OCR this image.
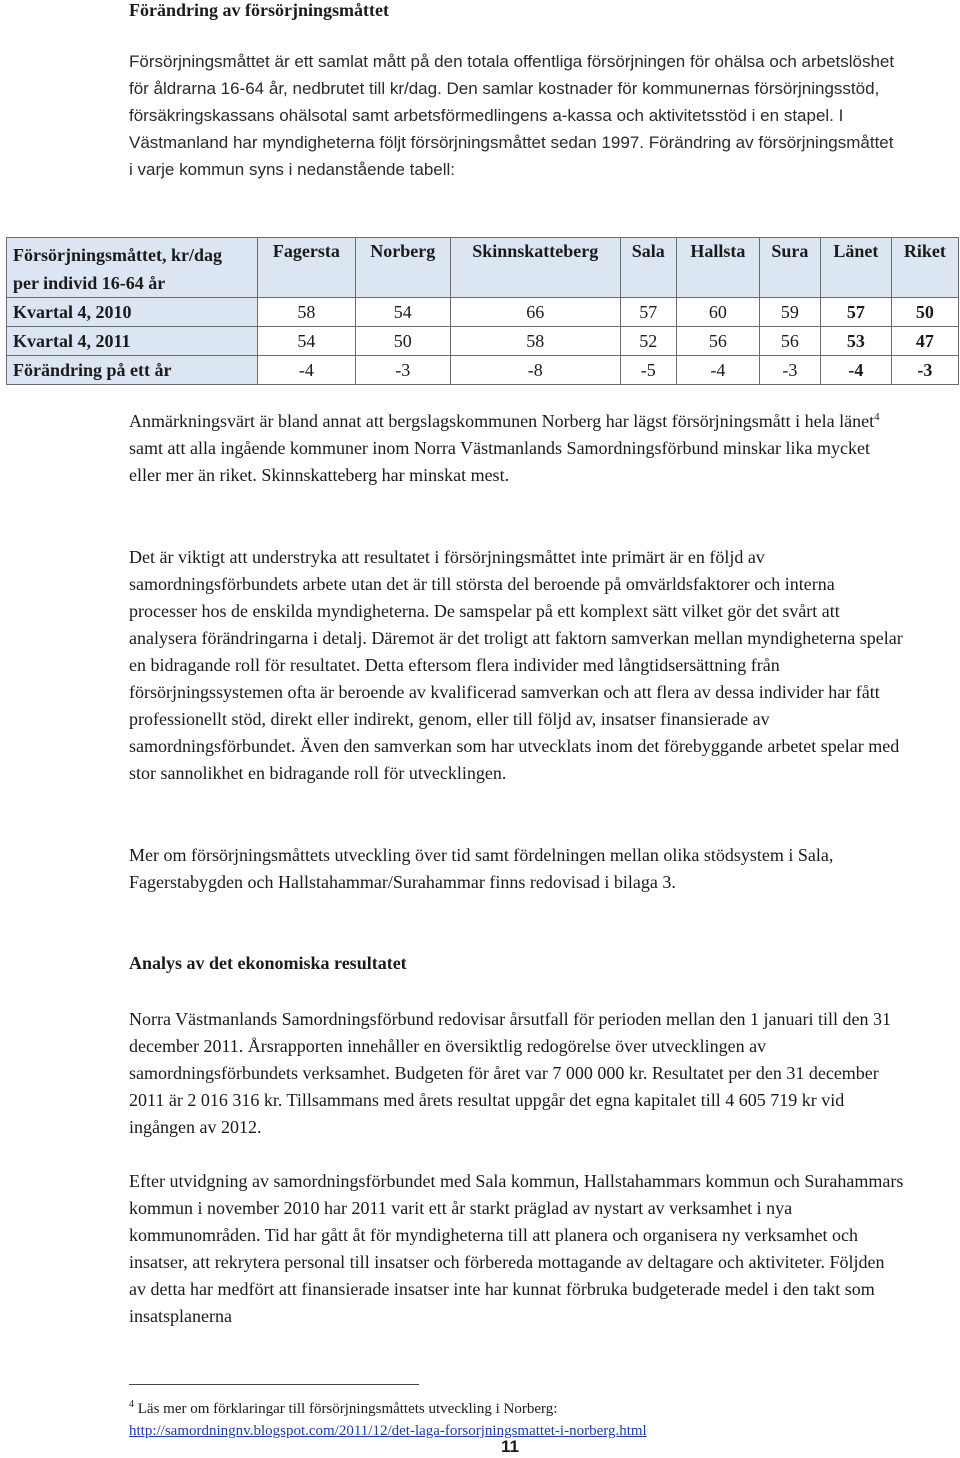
Förändring av försörjningsmåttet

Försörjningsmåttet är ett samlat mått på den totala offentliga försörjningen för ohälsa och arbetslöshet för åldrarna 16-64 år, nedbrutet till kr/dag. Den samlar kostnader för kommunernas försörjningsstöd, försäkringskassans ohälsotal samt arbetsförmedlingens a-kassa och aktivitetsstöd i en stapel. I Västmanland har myndigheterna följt försörjningsmåttet sedan 1997. Förändring av försörjningsmåttet i varje kommun syns i nedanstående tabell:

Försörjningsmåttet, kr/dag per individ 16-64 år	Fagersta	Norberg	Skinnskatteberg	Sala	Hallsta	Sura	Länet	Riket

Kvartal 4, 2010	58	54	66	57	60	59	57	50
Kvartal 4, 2011	54	50	58	52	56	56	53	47
Förändring på ett år	-4	-3	-8	-5	-4	-3	-4	-3

Anmärkningsvärt är bland annat att bergslagskommunen Norberg har lägst försörjningsmått i hela länet$^4$ samt att alla ingående kommuner inom Norra Västmanlands Samordningsförbund minskar lika mycket eller mer än riket. Skinnskatteberg har minskat mest.

Det är viktigt att understryka att resultatet i försörjningsmåttet inte primärt är en följd av samordningsförbundets arbete utan det är till största del beroende på omvärldsfaktorer och interna processer hos de enskilda myndigheterna. De samspelar på ett komplext sätt vilket gör det svårt att analysera förändringarna i detalj. Däremot är det troligt att faktorn samverkan mellan myndigheterna spelar en bidragande roll för resultatet. Detta eftersom flera individer med långtidsersättning från försörjningssystemen ofta är beroende av kvalificerad samverkan och att flera av dessa individer har fått professionellt stöd, direkt eller indirekt, genom, eller till följd av, insatser finansierade av samordningsförbundet. Även den samverkan som har utvecklats inom det förebyggande arbetet spelar med stor sannolikhet en bidragande roll för utvecklingen.

Mer om försörjningsmåttets utveckling över tid samt fördelningen mellan olika stödsystem i Sala, Fagerstabygden och Hallstahammar/Surahammar finns redovisad i bilaga 3.

Analys av det ekonomiska resultatet

Norra Västmanlands Samordningsförbund redovisar årsutfall för perioden mellan den 1 januari till den 31 december 2011. Årsrapporten innehåller en översiktlig redogörelse över utvecklingen av samordningsförbundets verksamhet. Budgeten för året var 7 000 000 kr. Resultatet per den 31 december 2011 är 2 016 316 kr. Tillsammans med årets resultat uppgår det egna kapitalet till 4 605 719 kr vid ingången av 2012.

Efter utvidgning av samordningsförbundet med Sala kommun, Hallstahammars kommun och Surahammars kommun i november 2010 har 2011 varit ett år starkt präglad av nystart av verksamhet i nya kommunområden. Tid har gått åt för myndigheterna till att planera och organisera ny verksamhet och insatser, att rekrytera personal till insatser och förbereda mottagande av deltagare och aktiviteter. Följden av detta har medfört att finansierade insatser inte har kunnat förbruka budgeterade medel i den takt som insatsplanerna

$^4$ Läs mer om förklaringar till försörjningsmåttets utveckling i Norberg:
http://samordningnv.blogspot.com/2011/12/det-laga-forsorjningsmattet-i-norberg.html
11
